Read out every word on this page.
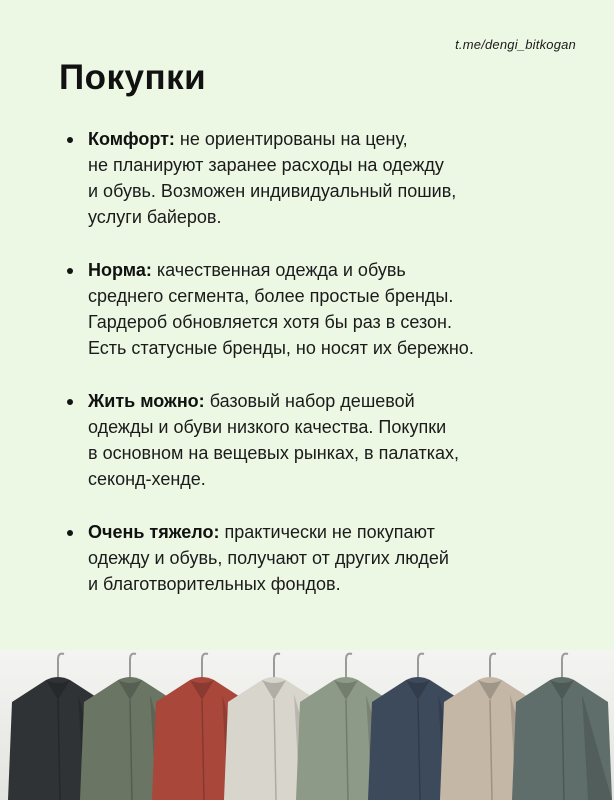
t.me/dengi_bitkogan
Покупки
Комфорт: не ориентированы на цену,
не планируют заранее расходы на одежду
и обувь. Возможен индивидуальный пошив,
услуги байеров.
Норма: качественная одежда и обувь
среднего сегмента, более простые бренды.
Гардероб обновляется хотя бы раз в сезон.
Есть статусные бренды, но носят их бережно.
Жить можно: базовый набор дешевой
одежды и обуви низкого качества. Покупки
в основном на вещевых рынках, в палатках,
секонд-хенде.
Очень тяжело: практически не покупают
одежду и обувь, получают от других людей
и благотворительных фондов.
